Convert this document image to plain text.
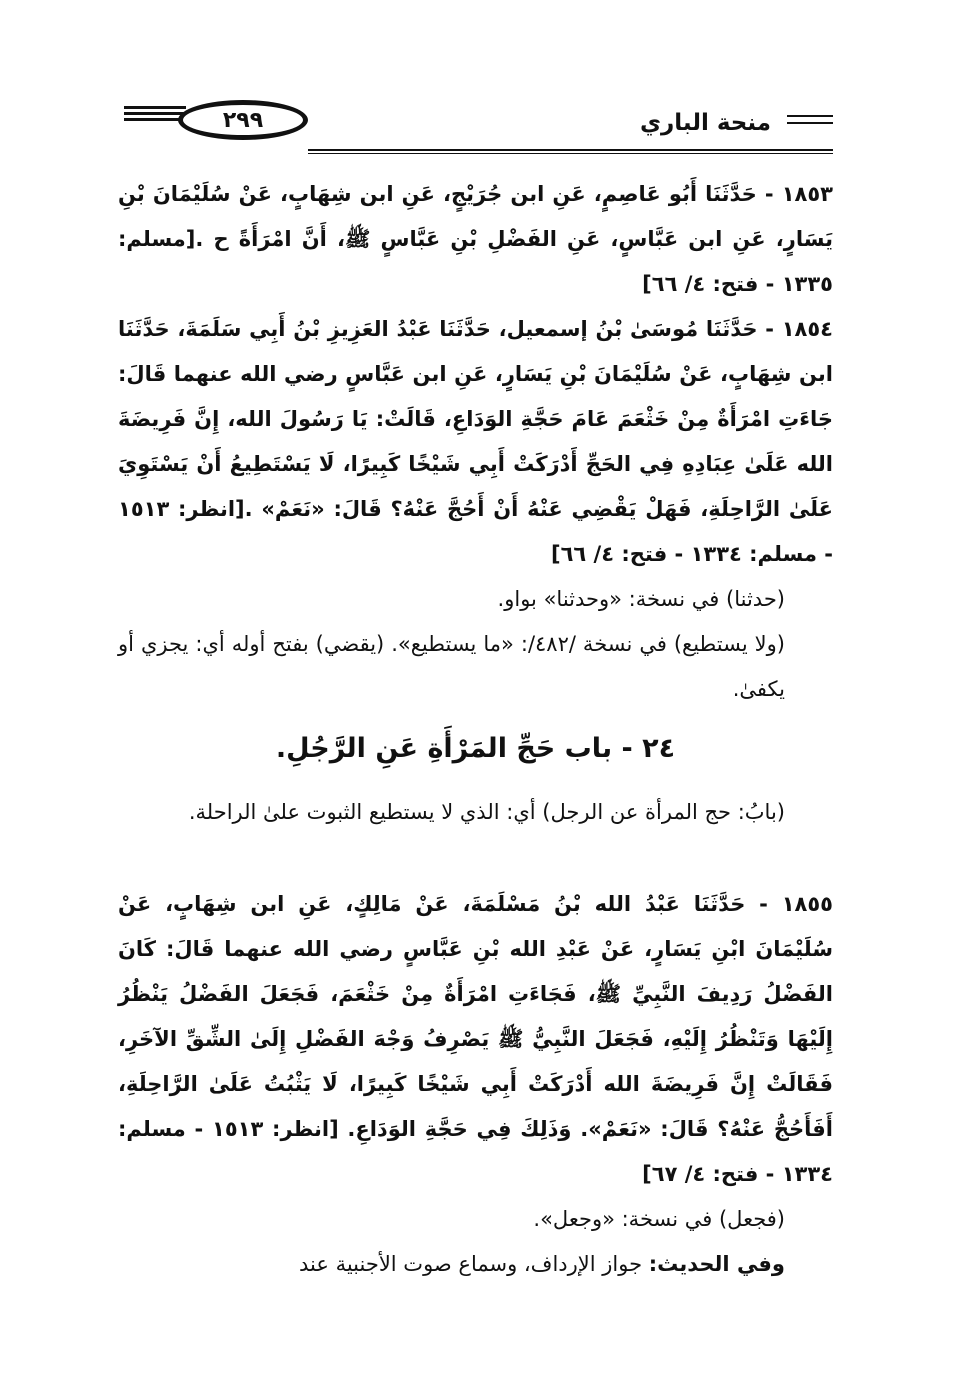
٢٩٩	منحة الباري

١٨٥٣ - حَدَّثَنَا أَبُو عَاصِمٍ، عَنِ ابن جُرَيْجٍ، عَنِ ابن شِهَابٍ، عَنْ سُلَيْمَانَ بْنِ يَسَارٍ، عَنِ ابن عَبَّاسٍ، عَنِ الفَضْلِ بْنِ عَبَّاسٍ ﷺ، أَنَّ امْرَأَةً ح .[مسلم: ١٣٣٥ - فتح: ٤/ ٦٦]

١٨٥٤ - حَدَّثَنَا مُوسَىٰ بْنُ إسمعيل، حَدَّثَنَا عَبْدُ العَزِيزِ بْنُ أَبِي سَلَمَةَ، حَدَّثَنَا ابن شِهَابٍ، عَنْ سُلَيْمَانَ بْنِ يَسَارٍ، عَنِ ابن عَبَّاسٍ رضي الله عنهما قَالَ: جَاءَتِ امْرَأَةٌ مِنْ خَثْعَمَ عَامَ حَجَّةِ الوَدَاعِ، قَالَتْ: يَا رَسُولَ الله، إِنَّ فَرِيضَةَ الله عَلَىٰ عِبَادِهِ فِي الحَجِّ أَدْرَكَتْ أَبِي شَيْخًا كَبِيرًا، لَا يَسْتَطِيعُ أَنْ يَسْتَوِيَ عَلَىٰ الرَّاحِلَةِ، فَهَلْ يَقْضِي عَنْهُ أَنْ أَحُجَّ عَنْهُ؟ قَالَ: «نَعَمْ» .[انظر: ١٥١٣ - مسلم: ١٣٣٤ - فتح: ٤/ ٦٦]

(حدثنا) في نسخة: «وحدثنا» بواو.

(ولا يستطيع) في نسخة /٤٨٢/: «ما يستطيع». (يقضي) بفتح أوله أي: يجزي أو يكفىٰ.

٢٤ - باب حَجِّ المَرْأَةِ عَنِ الرَّجُلِ.

(بابُ: حج المرأة عن الرجل) أي: الذي لا يستطيع الثبوت علىٰ الراحلة.

١٨٥٥ - حَدَّثَنَا عَبْدُ الله بْنُ مَسْلَمَةَ، عَنْ مَالِكٍ، عَنِ ابن شِهَابٍ، عَنْ سُلَيْمَانَ ابْنِ يَسَارٍ، عَنْ عَبْدِ الله بْنِ عَبَّاسٍ رضي الله عنهما قَالَ: كَانَ الفَضْلُ رَدِيفَ النَّبِيِّ ﷺ، فَجَاءَتِ امْرَأَةٌ مِنْ خَثْعَمَ، فَجَعَلَ الفَضْلُ يَنْظُرُ إِلَيْهَا وَتَنْظُرُ إِلَيْهِ، فَجَعَلَ النَّبِيُّ ﷺ يَصْرِفُ وَجْهَ الفَضْلِ إِلَىٰ الشِّقِّ الآخَرِ، فَقَالَتْ إِنَّ فَرِيضَةَ الله أَدْرَكَتْ أَبِي شَيْخًا كَبِيرًا، لَا يَثْبُتُ عَلَىٰ الرَّاحِلَةِ، أَفَأَحُجُّ عَنْهُ؟ قَالَ: «نَعَمْ». وَذَلِكَ فِي حَجَّةِ الوَدَاعِ. [انظر: ١٥١٣ - مسلم: ١٣٣٤ - فتح: ٤/ ٦٧]

(فجعل) في نسخة: «وجعل».

وفي الحديث: جواز الإرداف، وسماع صوت الأجنبية عند
